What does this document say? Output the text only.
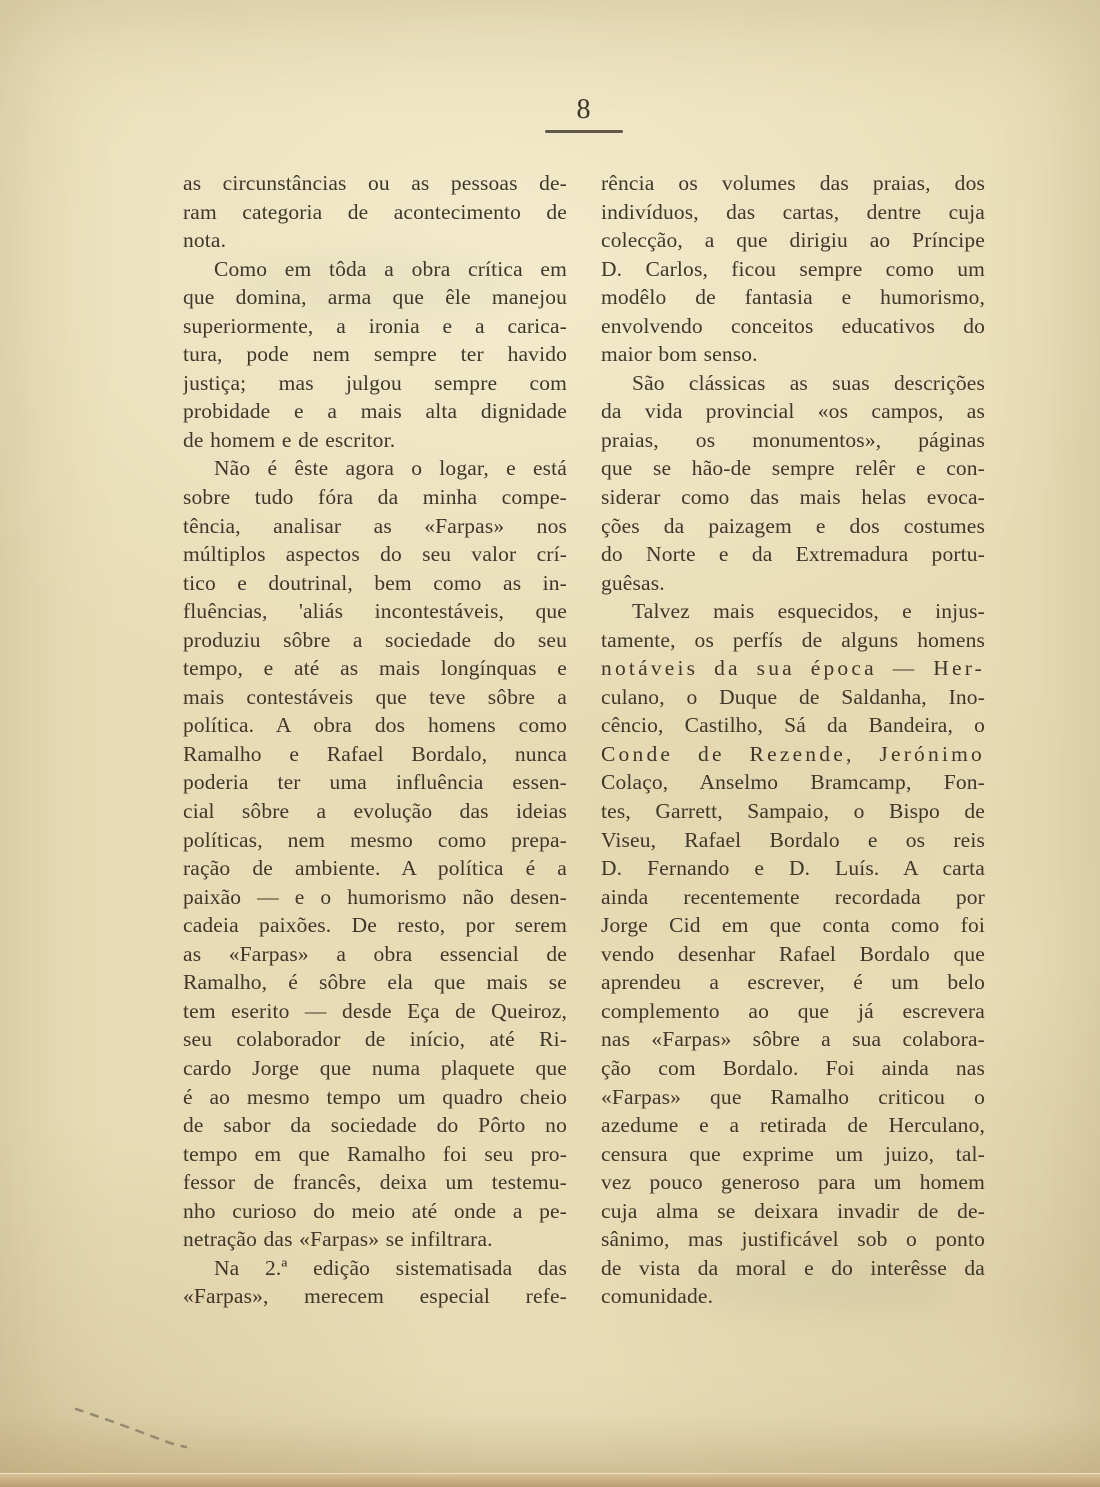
8
as circunstâncias ou as pessoas de-
ram categoria de acontecimento de
nota.
Como em tôda a obra crítica em
que domina, arma que êle manejou
superiormente, a ironia e a carica-
tura, pode nem sempre ter havido
justiça; mas julgou sempre com
probidade e a mais alta dignidade
de homem e de escritor.
Não é êste agora o logar, e está
sobre tudo fóra da minha compe-
tência, analisar as «Farpas» nos
múltiplos aspectos do seu valor crí-
tico e doutrinal, bem como as in-
fluências, 'aliás incontestáveis, que
produziu sôbre a sociedade do seu
tempo, e até as mais longínquas e
mais contestáveis que teve sôbre a
política. A obra dos homens como
Ramalho e Rafael Bordalo, nunca
poderia ter uma influência essen-
cial sôbre a evolução das ideias
políticas, nem mesmo como prepa-
ração de ambiente. A política é a
paixão — e o humorismo não desen-
cadeia paixões. De resto, por serem
as «Farpas» a obra essencial de
Ramalho, é sôbre ela que mais se
tem eserito — desde Eça de Queiroz,
seu colaborador de início, até Ri-
cardo Jorge que numa plaquete que
é ao mesmo tempo um quadro cheio
de sabor da sociedade do Pôrto no
tempo em que Ramalho foi seu pro-
fessor de francês, deixa um testemu-
nho curioso do meio até onde a pe-
netração das «Farpas» se infiltrara.
Na 2.ª edição sistematisada das
«Farpas», merecem especial refe-
rência os volumes das praias, dos
indivíduos, das cartas, dentre cuja
colecção, a que dirigiu ao Príncipe
D. Carlos, ficou sempre como um
modêlo de fantasia e humorismo,
envolvendo conceitos educativos do
maior bom senso.
São clássicas as suas descrições
da vida provincial «os campos, as
praias, os monumentos», páginas
que se hão-de sempre relêr e con-
siderar como das mais helas evoca-
ções da paizagem e dos costumes
do Norte e da Extremadura portu-
guêsas.
Talvez mais esquecidos, e injus-
tamente, os perfís de alguns homens
notáveis da sua época — Her-
culano, o Duque de Saldanha, Ino-
cêncio, Castilho, Sá da Bandeira, o
Conde de Rezende, Jerónimo
Colaço, Anselmo Bramcamp, Fon-
tes, Garrett, Sampaio, o Bispo de
Viseu, Rafael Bordalo e os reis
D. Fernando e D. Luís. A carta
ainda recentemente recordada por
Jorge Cid em que conta como foi
vendo desenhar Rafael Bordalo que
aprendeu a escrever, é um belo
complemento ao que já escrevera
nas «Farpas» sôbre a sua colabora-
ção com Bordalo. Foi ainda nas
«Farpas» que Ramalho criticou o
azedume e a retirada de Herculano,
censura que exprime um juizo, tal-
vez pouco generoso para um homem
cuja alma se deixara invadir de de-
sânimo, mas justificável sob o ponto
de vista da moral e do interêsse da
comunidade.
